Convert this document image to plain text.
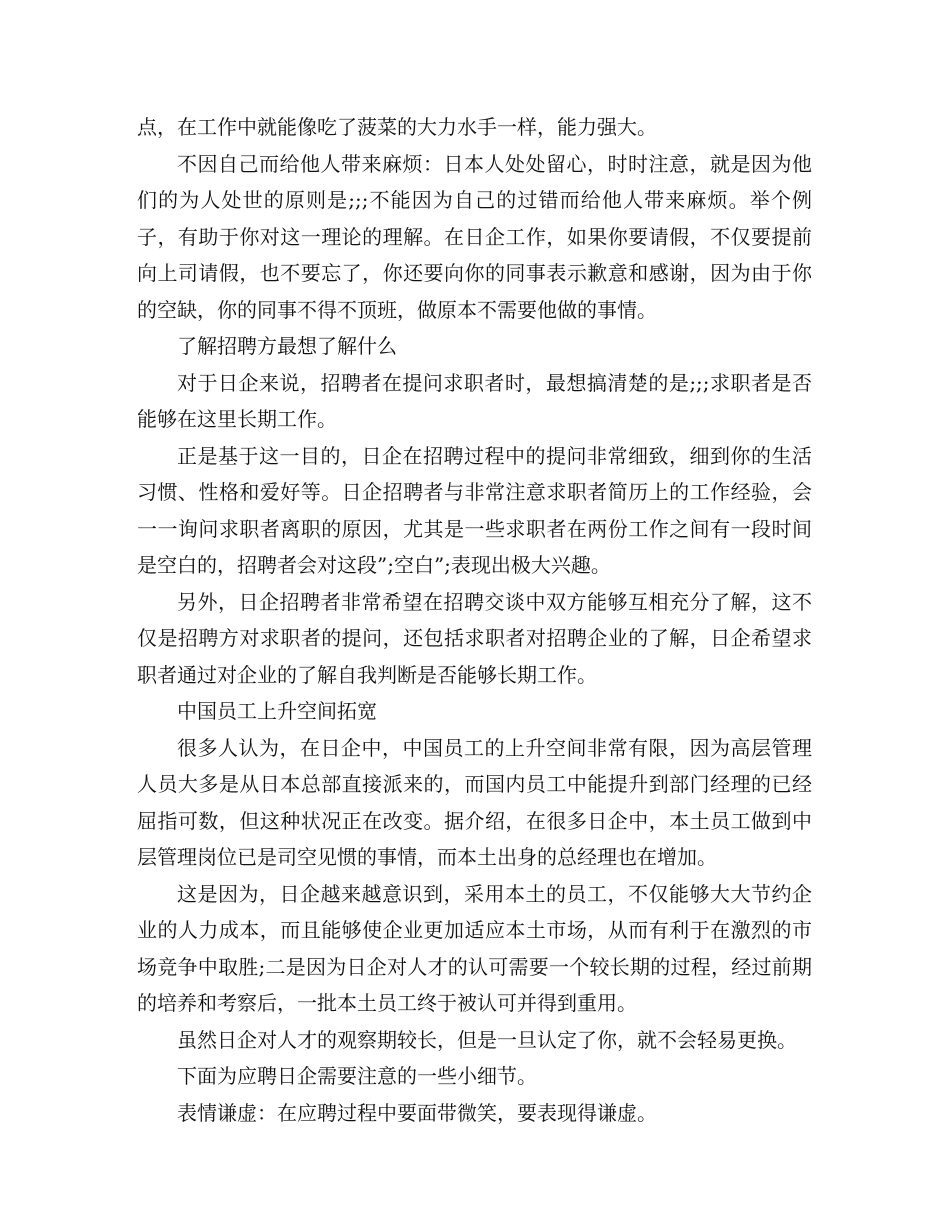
点，在工作中就能像吃了菠菜的大力水手一样，能力强大。

不因自己而给他人带来麻烦：日本人处处留心，时时注意，就是因为他们的为人处世的原则是;;;不能因为自己的过错而给他人带来麻烦。举个例子，有助于你对这一理论的理解。在日企工作，如果你要请假，不仅要提前向上司请假，也不要忘了，你还要向你的同事表示歉意和感谢，因为由于你的空缺，你的同事不得不顶班，做原本不需要他做的事情。

了解招聘方最想了解什么

对于日企来说，招聘者在提问求职者时，最想搞清楚的是;;;求职者是否能够在这里长期工作。

正是基于这一目的，日企在招聘过程中的提问非常细致，细到你的生活习惯、性格和爱好等。日企招聘者与非常注意求职者简历上的工作经验，会一一询问求职者离职的原因，尤其是一些求职者在两份工作之间有一段时间是空白的，招聘者会对这段”;空白”;表现出极大兴趣。

另外，日企招聘者非常希望在招聘交谈中双方能够互相充分了解，这不仅是招聘方对求职者的提问，还包括求职者对招聘企业的了解，日企希望求职者通过对企业的了解自我判断是否能够长期工作。

中国员工上升空间拓宽

很多人认为，在日企中，中国员工的上升空间非常有限，因为高层管理人员大多是从日本总部直接派来的，而国内员工中能提升到部门经理的已经屈指可数，但这种状况正在改变。据介绍，在很多日企中，本土员工做到中层管理岗位已是司空见惯的事情，而本土出身的总经理也在增加。

这是因为，日企越来越意识到，采用本土的员工，不仅能够大大节约企业的人力成本，而且能够使企业更加适应本土市场，从而有利于在激烈的市场竞争中取胜;二是因为日企对人才的认可需要一个较长期的过程，经过前期的培养和考察后，一批本土员工终于被认可并得到重用。

虽然日企对人才的观察期较长，但是一旦认定了你，就不会轻易更换。

下面为应聘日企需要注意的一些小细节。

表情谦虚：在应聘过程中要面带微笑，要表现得谦虚。
